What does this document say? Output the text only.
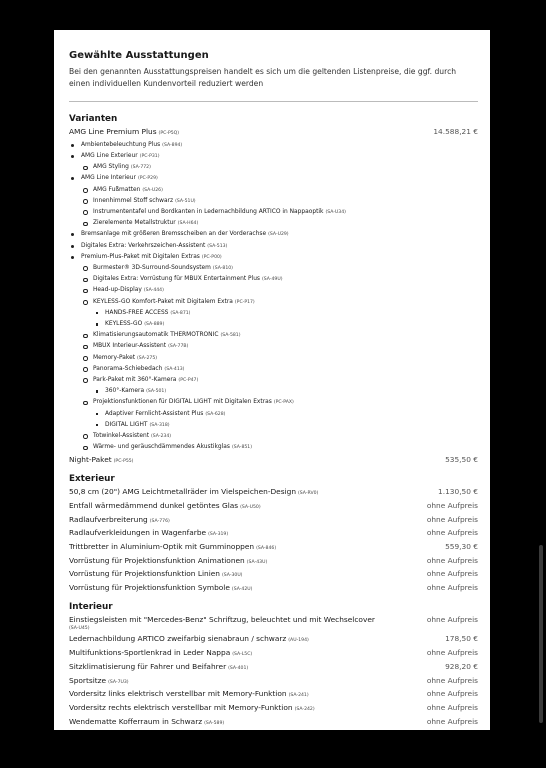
Gewählte Ausstattungen

Bei den genannten Ausstattungspreisen handelt es sich um die geltenden Listenpreise, die ggf. durch einen individuellen Kundenvorteil reduziert werden

Varianten
AMG Line Premium Plus (PC-P5Q)	14.588,21 €
Ambientebeleuchtung Plus (SA-894)
AMG Line Exterieur (PC-P31)
AMG Styling (SA-772)
AMG Line Interieur (PC-P29)
AMG Fußmatten (SA-U26)
Innenhimmel Stoff schwarz (SA-51U)
Instrumententafel und Bordkanten in Ledernachbildung ARTICO in Nappaoptik (SA-U34)
Zierelemente Metallstruktur (SA-H64)
Bremsanlage mit größeren Bremsscheiben an der Vorderachse (SA-U29)
Digitales Extra: Verkehrszeichen-Assistent (SA-513)
Premium-Plus-Paket mit Digitalen Extras (PC-P00)
Burmester® 3D-Surround-Soundsystem (SA-810)
Digitales Extra: Vorrüstung für MBUX Entertainment Plus (SA-49U)
Head-up-Display (SA-444)
KEYLESS-GO Komfort-Paket mit Digitalem Extra (PC-P17)
HANDS-FREE ACCESS (SA-871)
KEYLESS-GO (SA-889)
Klimatisierungsautomatik THERMOTRONIC (SA-581)
MBUX Interieur-Assistent (SA-77B)
Memory-Paket (SA-275)
Panorama-Schiebedach (SA-413)
Park-Paket mit 360°-Kamera (PC-P47)
360°-Kamera (SA-501)
Projektionsfunktionen für DIGITAL LIGHT mit Digitalen Extras (PC-PAX)
Adaptiver Fernlicht-Assistent Plus (SA-628)
DIGITAL LIGHT (SA-318)
Totwinkel-Assistent (SA-234)
Wärme- und geräuschdämmendes Akustikglas (SA-851)
Night-Paket (PC-P55)	535,50 €
Exterieur
50,8 cm (20") AMG Leichtmetallräder im Vielspeichen-Design (SA-RV0)	1.130,50 €
Entfall wärmedämmend dunkel getöntes Glas (SA-U50)	ohne Aufpreis
Radlaufverbreiterung (SA-776)	ohne Aufpreis
Radlaufverkleidungen in Wagenfarbe (SA-319)	ohne Aufpreis
Trittbretter in Aluminium-Optik mit Gumminoppen (SA-846)	559,30 €
Vorrüstung für Projektionsfunktion Animationen (SA-43U)	ohne Aufpreis
Vorrüstung für Projektionsfunktion Linien (SA-30U)	ohne Aufpreis
Vorrüstung für Projektionsfunktion Symbole (SA-42U)	ohne Aufpreis
Interieur
Einstiegsleisten mit "Mercedes-Benz" Schriftzug, beleuchtet und mit Wechselcover	ohne Aufpreis
(SA-U45)
Ledernachbildung ARTICO zweifarbig sienabraun / schwarz (AU-194)	178,50 €
Multifunktions-Sportlenkrad in Leder Nappa (SA-L5C)	ohne Aufpreis
Sitzklimatisierung für Fahrer und Beifahrer (SA-401)	928,20 €
Sportsitze (SA-7U3)	ohne Aufpreis
Vordersitz links elektrisch verstellbar mit Memory-Funktion (SA-241)	ohne Aufpreis
Vordersitz rechts elektrisch verstellbar mit Memory-Funktion (SA-242)	ohne Aufpreis
Wendematte Kofferraum in Schwarz (SA-589)	ohne Aufpreis
